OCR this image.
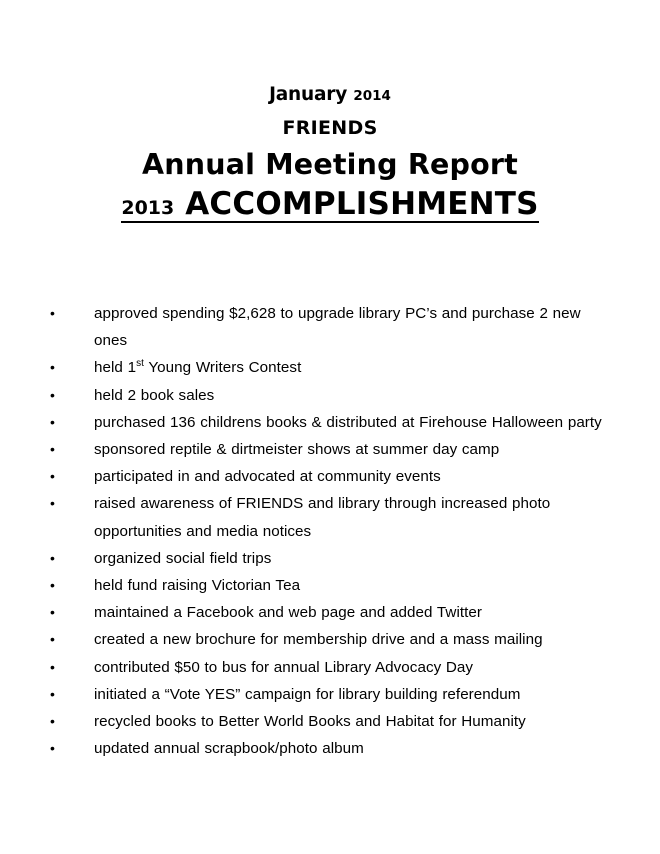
January 2014
FRIENDS
Annual Meeting Report
2013 ACCOMPLISHMENTS
•approved spending $2,628 to upgrade library PC’s and purchase 2 new ones
•held 1st Young Writers Contest
•held 2 book sales
•purchased 136 childrens books & distributed at Firehouse Halloween party
•sponsored reptile & dirtmeister shows at summer day camp
•participated in and advocated at community events
•raised awareness of FRIENDS and library through increased photo opportunities and media notices
•organized social field trips
•held fund raising Victorian Tea
•maintained a Facebook and web page and added Twitter
•created a new brochure for membership drive and a mass mailing
•contributed $50 to bus for annual Library Advocacy Day
•initiated a “Vote YES” campaign for library building referendum
•recycled books to Better World Books and Habitat for Humanity
•updated annual scrapbook/photo album
